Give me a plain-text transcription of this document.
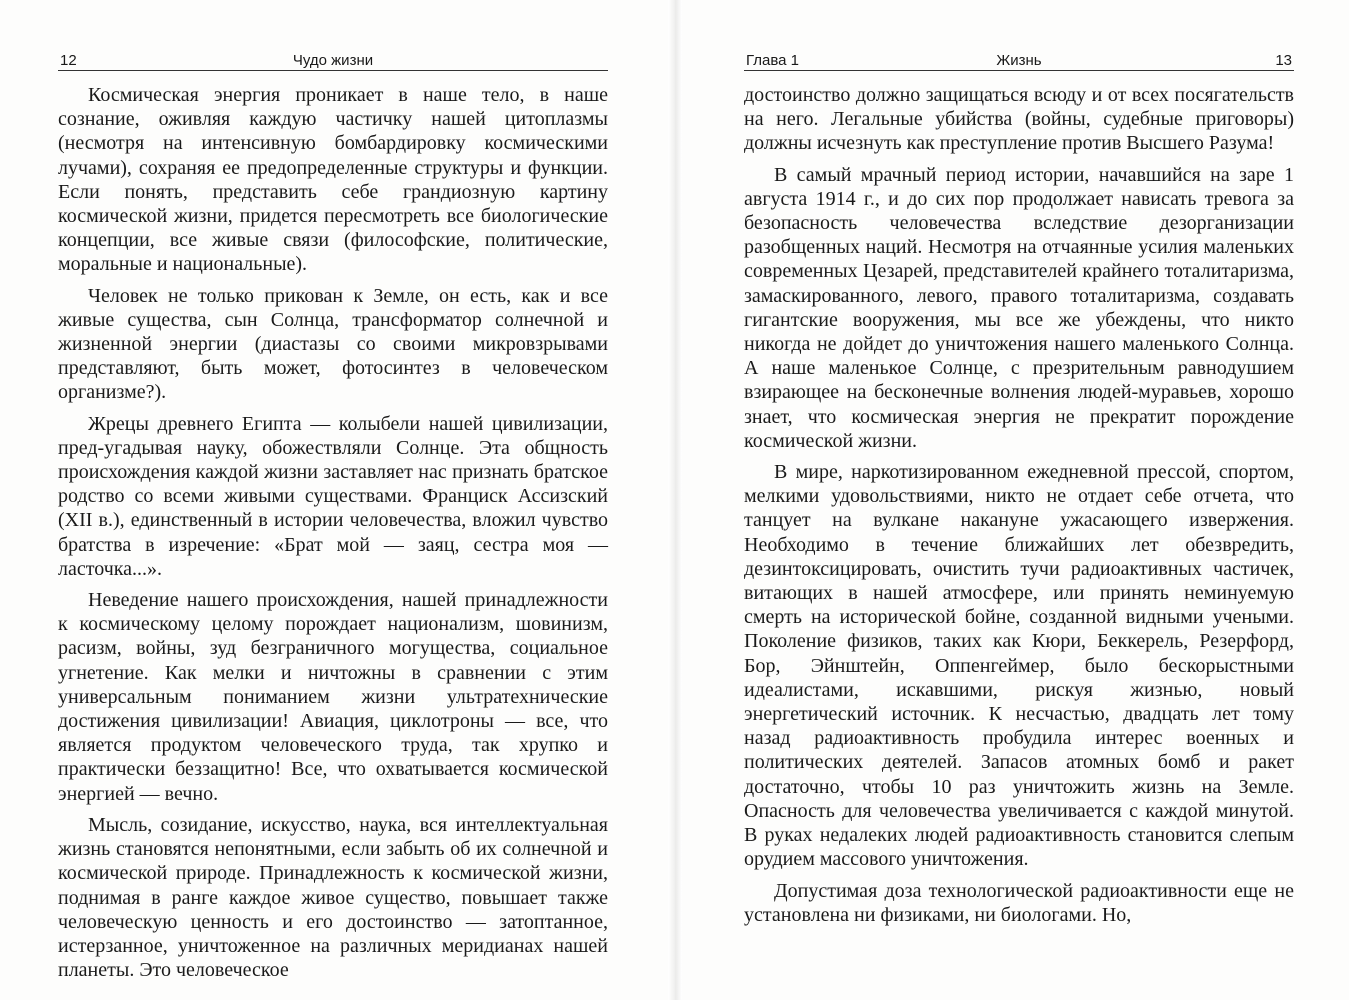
Чудо жизни
12

Космическая энергия проникает в наше тело, в наше сознание, оживляя каждую частичку нашей цитоплазмы (несмотря на интенсивную бомбардировку космическими лучами), сохраняя ее предопределенные структуры и функции. Если понять, представить себе грандиозную картину космической жизни, придется пересмотреть все биологические концепции, все живые связи (философские, политические, моральные и национальные).

Человек не только прикован к Земле, он есть, как и все живые существа, сын Солнца, трансформатор солнечной и жизненной энергии (диастазы со своими микровзрывами представляют, быть может, фотосинтез в человеческом организме?).

Жрецы древнего Египта — колыбели нашей цивилизации, пред-угадывая науку, обожествляли Солнце. Эта общность происхождения каждой жизни заставляет нас признать братское родство со всеми живыми существами. Франциск Ассизский (XII в.), единственный в истории человечества, вложил чувство братства в изречение: «Брат мой — заяц, сестра моя — ласточка...».

Неведение нашего происхождения, нашей принадлежности к космическому целому порождает национализм, шовинизм, расизм, войны, зуд безграничного могущества, социальное угнетение. Как мелки и ничтожны в сравнении с этим универсальным пониманием жизни ультратехнические достижения цивилизации! Авиация, циклотроны — все, что является продуктом человеческого труда, так хрупко и практически беззащитно! Все, что охватывается космической энергией — вечно.

Мысль, созидание, искусство, наука, вся интеллектуальная жизнь становятся непонятными, если забыть об их солнечной и космической природе. Принадлежность к космической жизни, поднимая в ранге каждое живое существо, повышает также человеческую ценность и его достоинство — затоптанное, истерзанное, уничтоженное на различных меридианах нашей планеты. Это человеческое

Глава 1	Жизнь	13

достоинство должно защищаться всюду и от всех посягательств на него. Легальные убийства (войны, судебные приговоры) должны исчезнуть как преступление против Высшего Разума!

В самый мрачный период истории, начавшийся на заре 1 августа 1914 г., и до сих пор продолжает нависать тревога за безопасность человечества вследствие дезорганизации разобщенных наций. Несмотря на отчаянные усилия маленьких современных Цезарей, представителей крайнего тоталитаризма, замаскированного, левого, правого тоталитаризма, создавать гигантские вооружения, мы все же убеждены, что никто никогда не дойдет до уничтожения нашего маленького Солнца. А наше маленькое Солнце, с презрительным равнодушием взирающее на бесконечные волнения людей-муравьев, хорошо знает, что космическая энергия не прекратит порождение космической жизни.

В мире, наркотизированном ежедневной прессой, спортом, мелкими удовольствиями, никто не отдает себе отчета, что танцует на вулкане накануне ужасающего извержения. Необходимо в течение ближайших лет обезвредить, дезинтоксицировать, очистить тучи радиоактивных частичек, витающих в нашей атмосфере, или принять неминуемую смерть на исторической бойне, созданной видными учеными. Поколение физиков, таких как Кюри, Беккерель, Резерфорд, Бор, Эйнштейн, Оппенгеймер, было бескорыстными идеалистами, искавшими, рискуя жизнью, новый энергетический источник. К несчастью, двадцать лет тому назад радиоактивность пробудила интерес военных и политических деятелей. Запасов атомных бомб и ракет достаточно, чтобы 10 раз уничтожить жизнь на Земле. Опасность для человечества увеличивается с каждой минутой. В руках недалеких людей радиоактивность становится слепым орудием массового уничтожения.

Допустимая доза технологической радиоактивности еще не установлена ни физиками, ни биологами. Но,
